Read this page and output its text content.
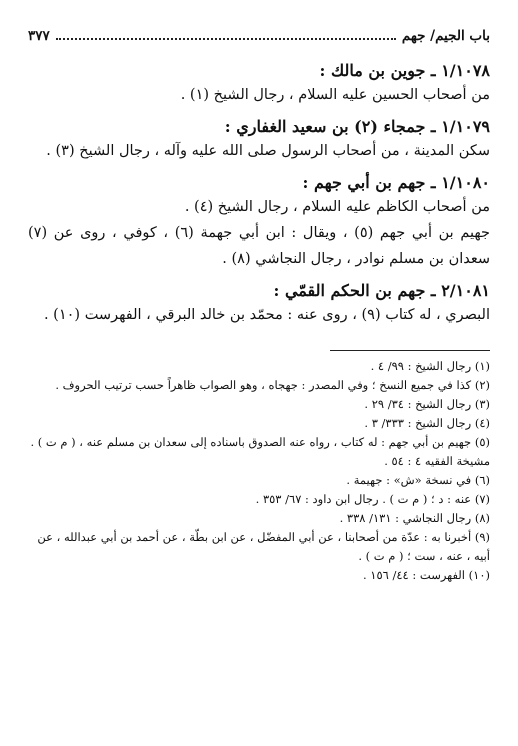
باب الجيم/ جهم
٣٧٧
١/١٠٧٨ ـ جوين بن مالك :
من أصحاب الحسين عليه السلام ، رجال الشيخ (١) .
١/١٠٧٩ ـ جمجاء (٢) بن سعيد الغفاري :
سكن المدينة ، من أصحاب الرسول صلى الله عليه وآله ، رجال الشيخ (٣) .
١/١٠٨٠ ـ جهم بن أبي جهم :
من أصحاب الكاظم عليه السلام ، رجال الشيخ (٤) .
جهيم بن أبي جهم (٥) ، ويقال : ابن أبي جهمة (٦) ، كوفي ، روى عن (٧) سعدان بن مسلم نوادر ، رجال النجاشي (٨) .
٢/١٠٨١ ـ جهم بن الحكم القمّي :
البصري ، له كتاب (٩) ، روى عنه : محمّد بن خالد البرقي ، الفهرست (١٠) .
(١) رجال الشيخ : ٩٩/ ٤ .
(٢) كذا في جميع النسخ ؛ وفي المصدر : جهجاه ، وهو الصواب ظاهراً حسب ترتيب الحروف .
(٣) رجال الشيخ : ٣٤/ ٢٩ .
(٤) رجال الشيخ : ٣٣٣/ ٣ .
(٥) جهيم بن أبي جهم : له كتاب ، رواه عنه الصدوق باسناده إلى سعدان بن مسلم عنه ، ( م ت ) . مشيخة الفقيه ٤ : ٥٤ .
(٦) في نسخة «ش» : جهيمة .
(٧) عنه : د ؛ ( م ت ) . رجال ابن داود : ٦٧/ ٣٥٣ .
(٨) رجال النجاشي : ١٣١/ ٣٣٨ .
(٩) أخبرنا به : عدّة من أصحابنا ، عن أبي المفضّل ، عن ابن بطّة ، عن أحمد بن أبي عبدالله ، عن أبيه ، عنه ، ست ؛ ( م ت ) .
(١٠) الفهرست : ٤٤/ ١٥٦ .
